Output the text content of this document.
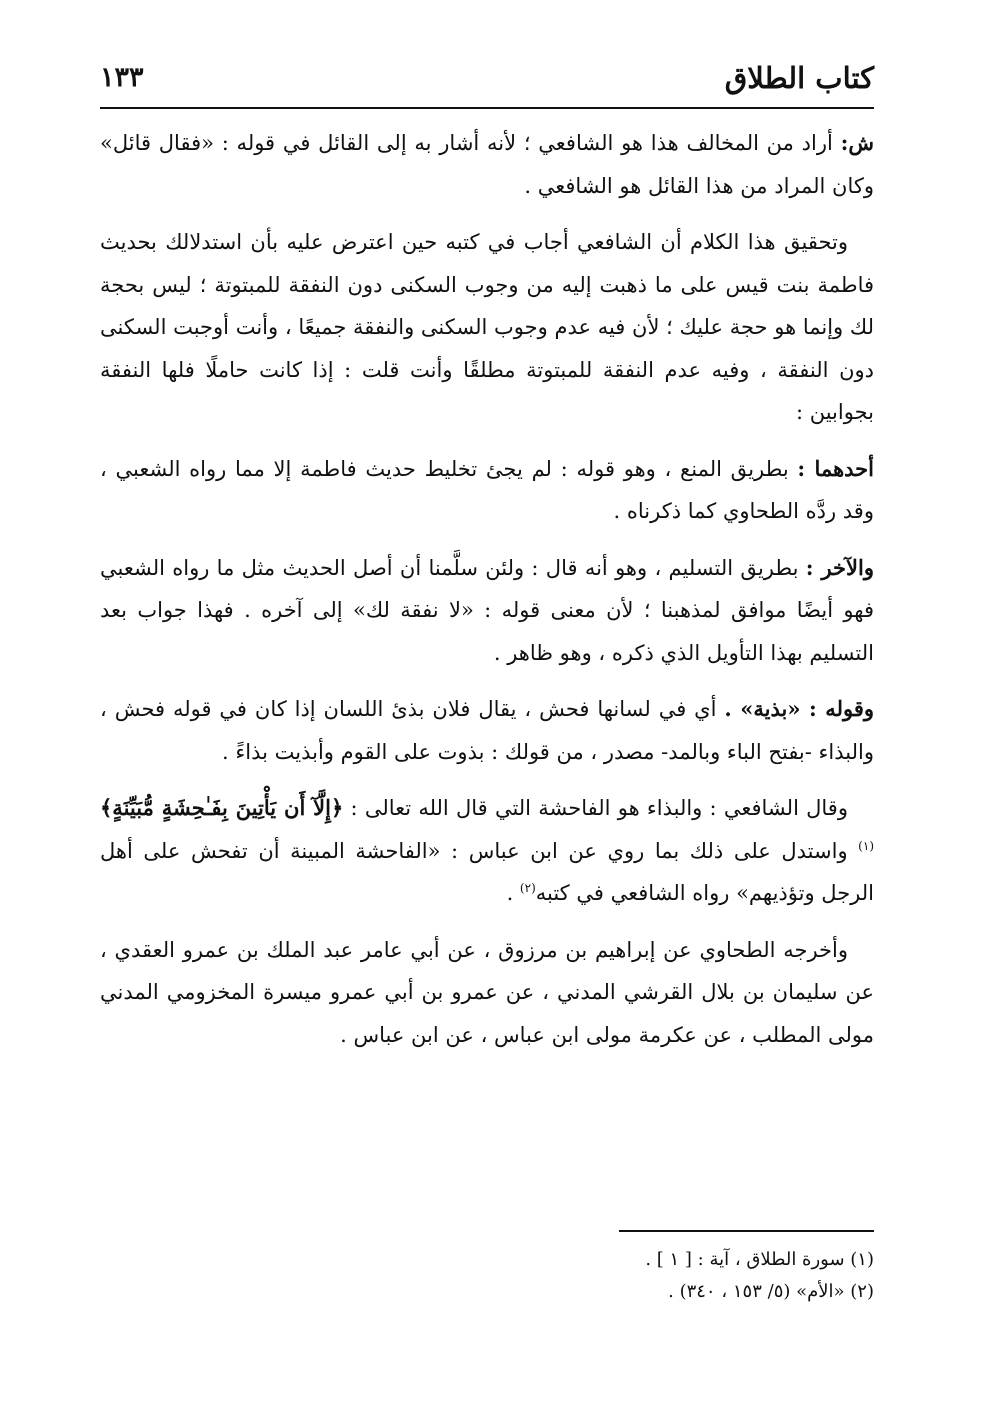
كتاب الطلاق
١٣٣

ش: أراد من المخالف هذا هو الشافعي ؛ لأنه أشار به إلى القائل في قوله : «فقال قائل» وكان المراد من هذا القائل هو الشافعي .

وتحقيق هذا الكلام أن الشافعي أجاب في كتبه حين اعترض عليه بأن استدلالك بحديث فاطمة بنت قيس على ما ذهبت إليه من وجوب السكنى دون النفقة للمبتوتة ؛ ليس بحجة لك وإنما هو حجة عليك ؛ لأن فيه عدم وجوب السكنى والنفقة جميعًا ، وأنت أوجبت السكنى دون النفقة ، وفيه عدم النفقة للمبتوتة مطلقًا وأنت قلت : إذا كانت حاملًا فلها النفقة بجوابين :

أحدهما : بطريق المنع ، وهو قوله : لم يجئ تخليط حديث فاطمة إلا مما رواه الشعبي ، وقد ردَّه الطحاوي كما ذكرناه .

والآخر : بطريق التسليم ، وهو أنه قال : ولئن سلَّمنا أن أصل الحديث مثل ما رواه الشعبي فهو أيضًا موافق لمذهبنا ؛ لأن معنى قوله : «لا نفقة لك» إلى آخره . فهذا جواب بعد التسليم بهذا التأويل الذي ذكره ، وهو ظاهر .

وقوله : «بذية» . أي في لسانها فحش ، يقال فلان بذئ اللسان إذا كان في قوله فحش ، والبذاء -بفتح الباء وبالمد- مصدر ، من قولك : بذوت على القوم وأبذيت بذاءً .

وقال الشافعي : والبذاء هو الفاحشة التي قال الله تعالى : ﴿إِلَّآ أَن يَأْتِينَ بِفَـٰحِشَةٍ مُّبَيِّنَةٍ﴾$^{(١)}$ واستدل على ذلك بما روي عن ابن عباس : «الفاحشة المبينة أن تفحش على أهل الرجل وتؤذيهم» رواه الشافعي في كتبه$^{(٢)}$ .

وأخرجه الطحاوي عن إبراهيم بن مرزوق ، عن أبي عامر عبد الملك بن عمرو العقدي ، عن سليمان بن بلال القرشي المدني ، عن عمرو بن أبي عمرو ميسرة المخزومي المدني مولى المطلب ، عن عكرمة مولى ابن عباس ، عن ابن عباس .

(١) سورة الطلاق ، آية : [ ١ ] .

(٢) «الأم» (٥/ ١٥٣ ، ٣٤٠) .
